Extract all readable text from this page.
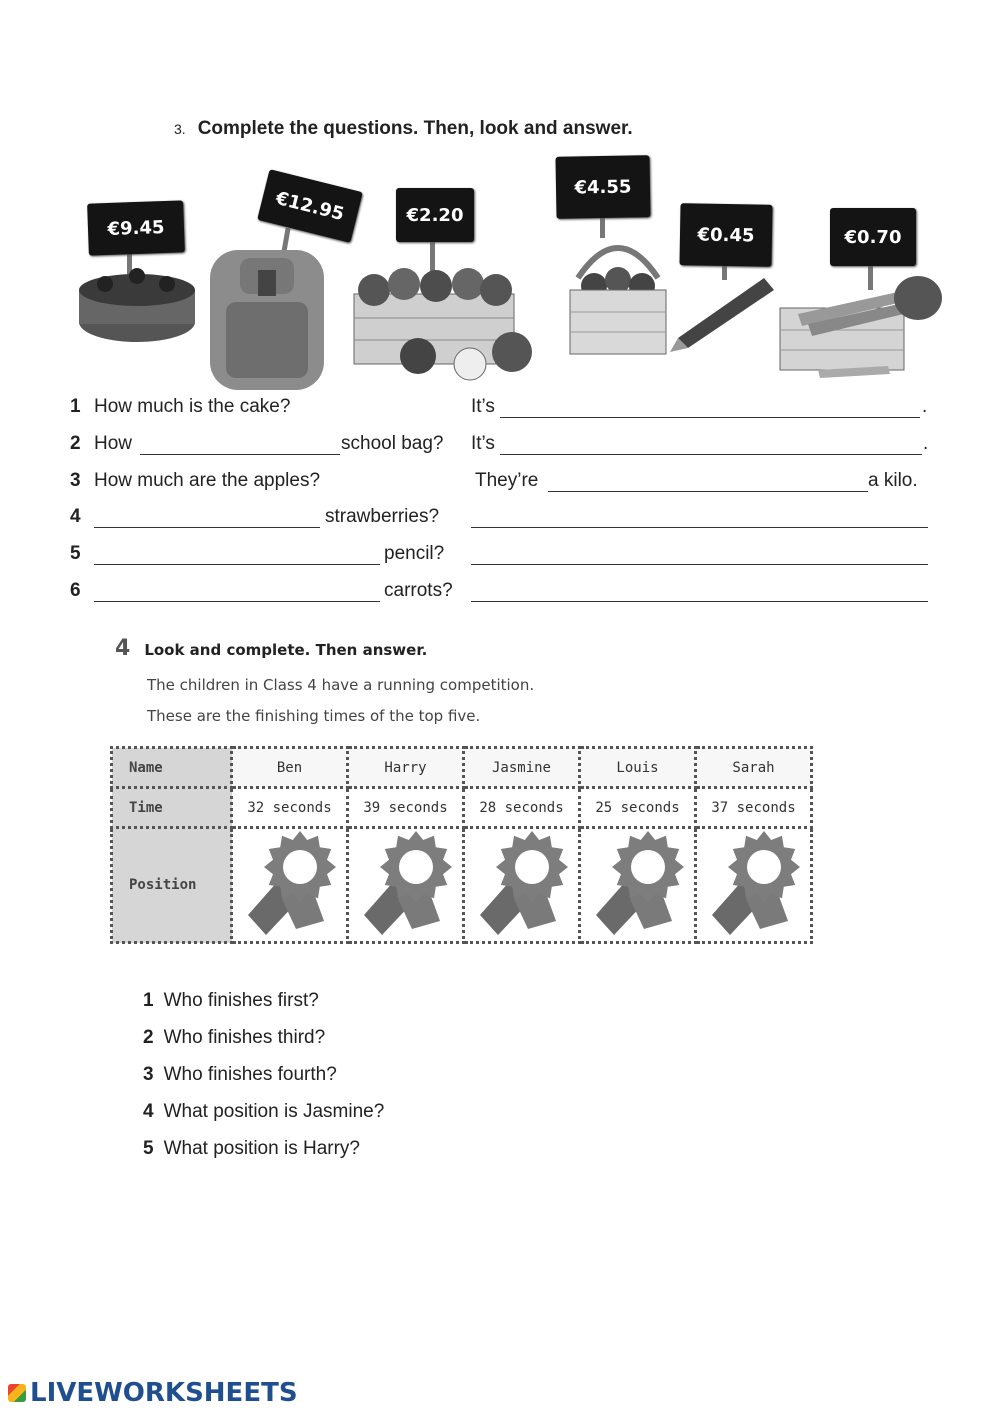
3. Complete the questions. Then, look and answer.
€9.45
€12.95	€2.20
€4.55
€0.45	€0.70
1 How much is the cake?	It’s	.
2 How	school bag? It’s	.
3 How much are the apples?	They’re	a kilo.
4	strawberries?
5	pencil?
6	carrots?
4 Look and complete. Then answer.
The children in Class 4 have a running competition.
These are the finishing times of the top five.
Name	Ben	Harry	Jasmine	Louis	Sarah
Time	32 seconds	39 seconds	28 seconds	25 seconds	37 seconds
Position					
1 Who finishes first?
2 Who finishes third?
3 Who finishes fourth?
4 What position is Jasmine?
5 What position is Harry?
LIVEWORKSHEETS
